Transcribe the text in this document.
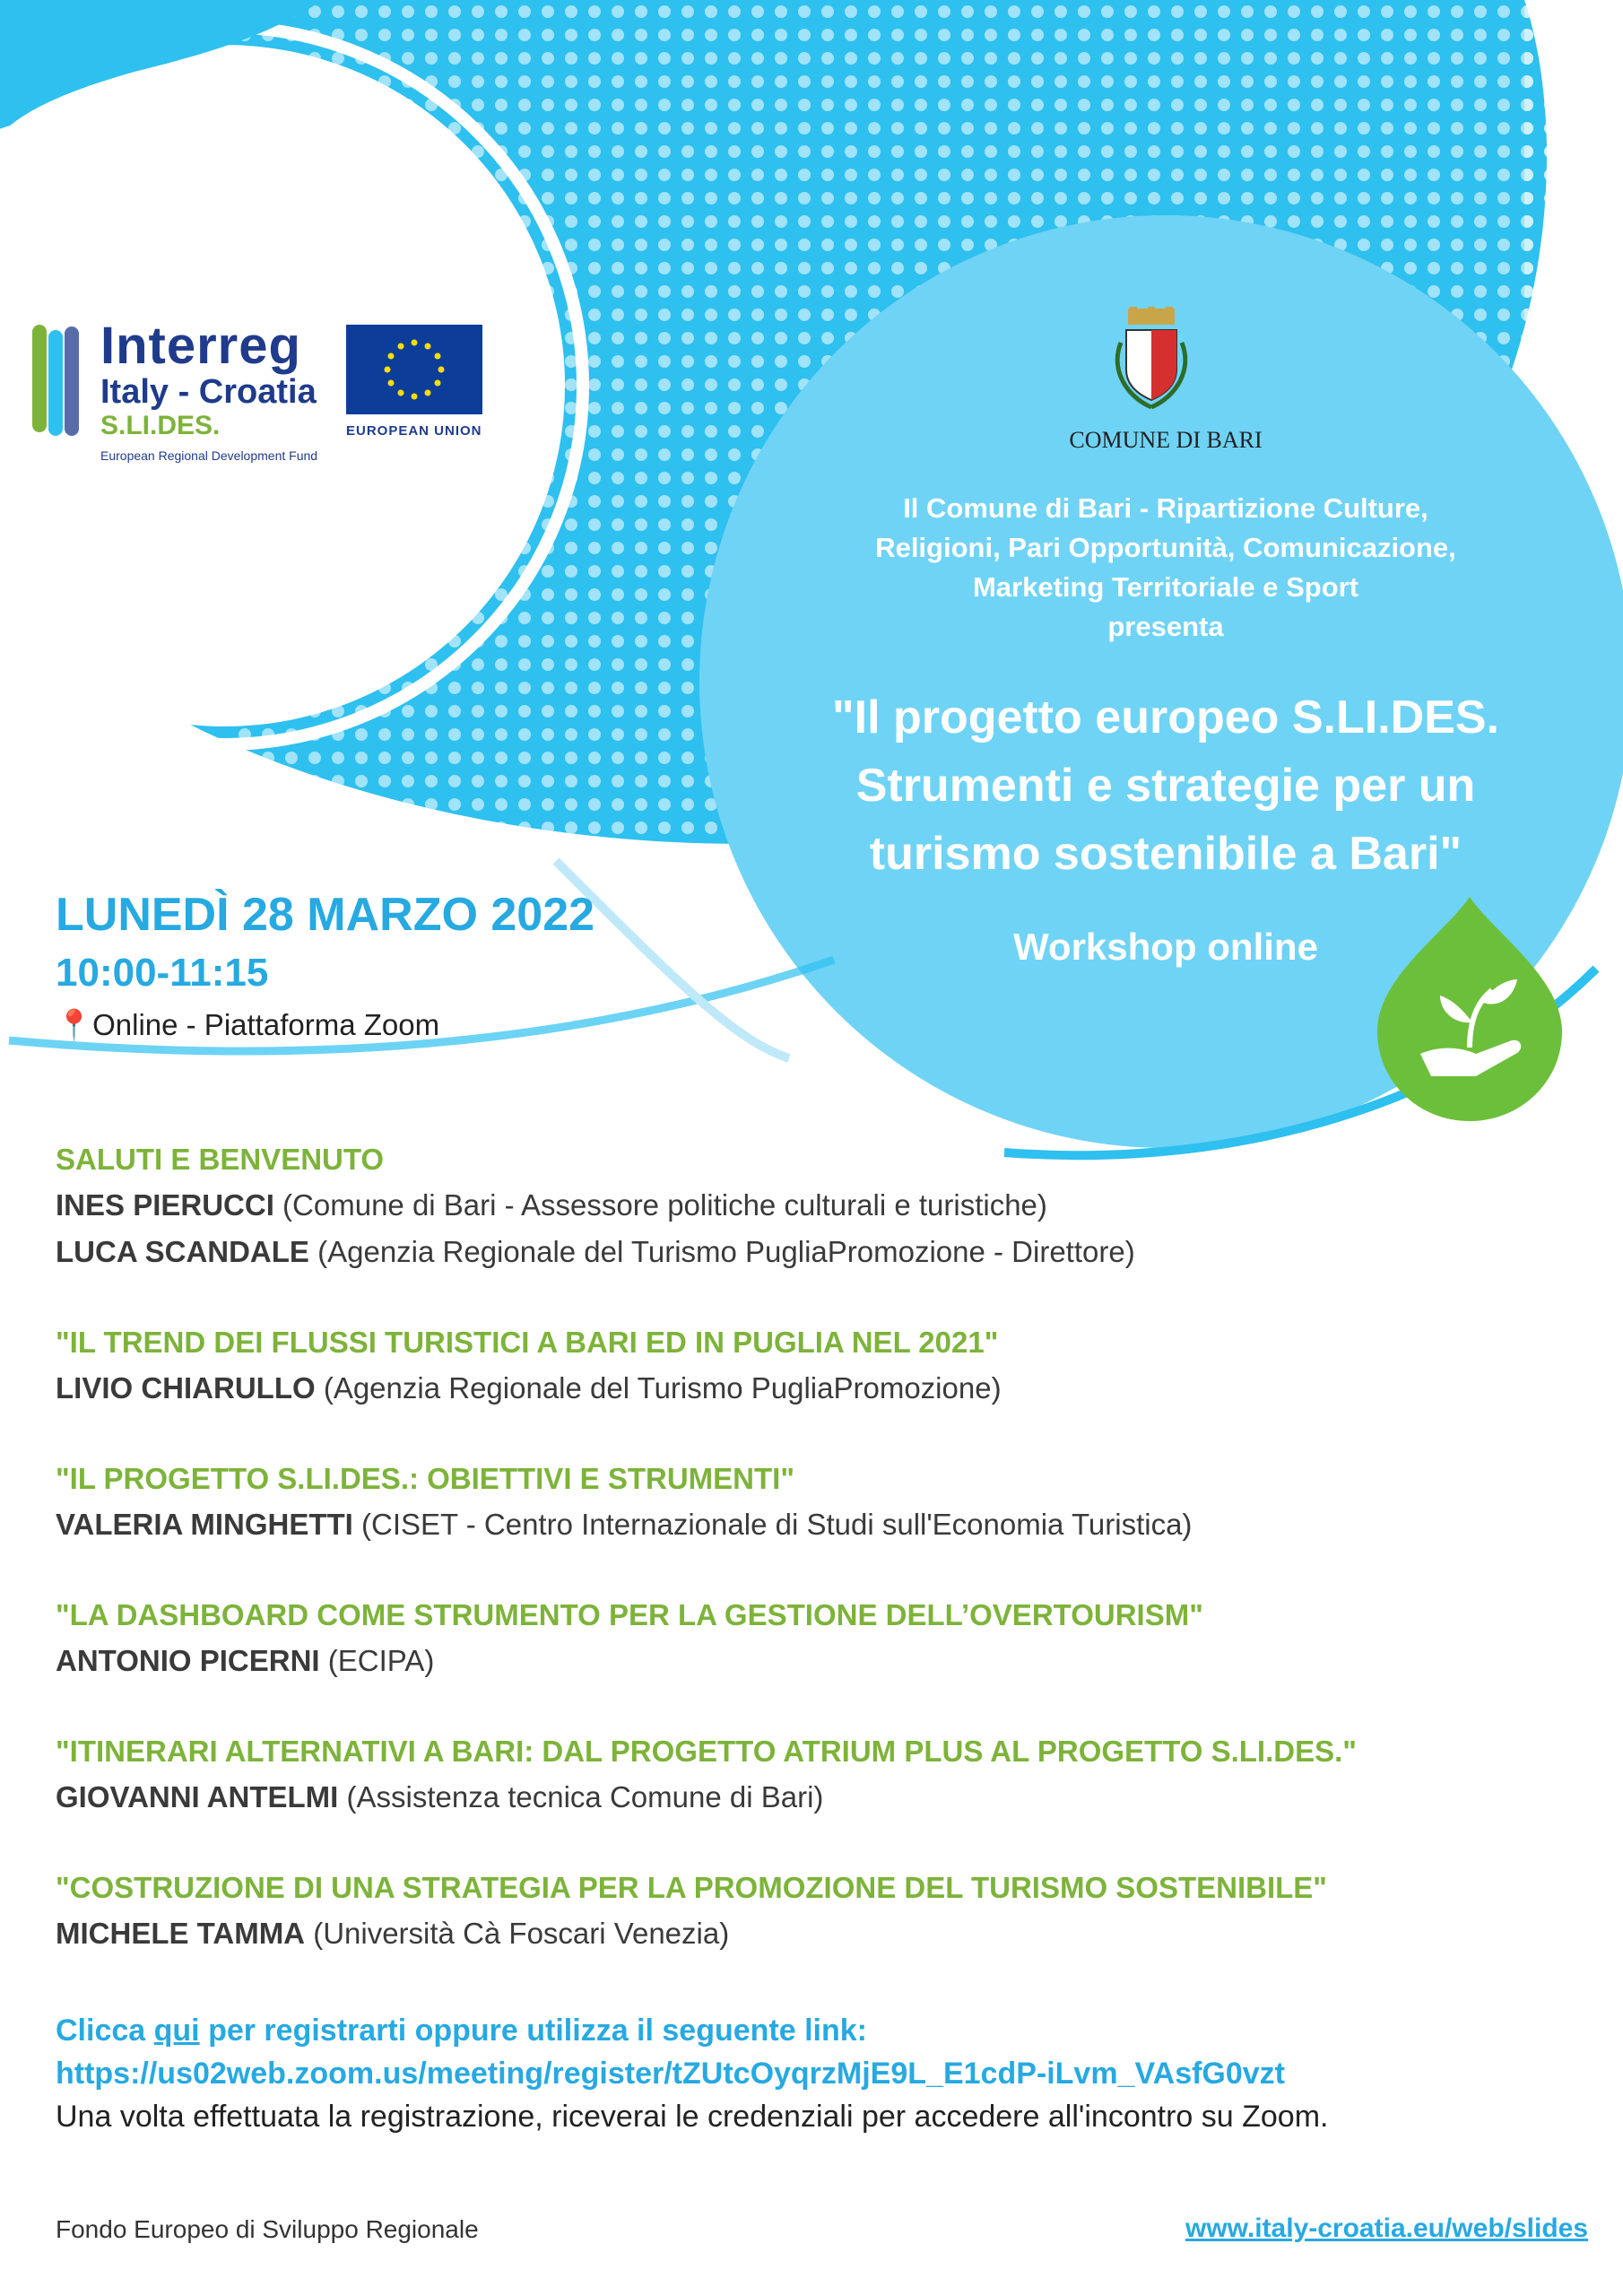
Interreg
Italy - Croatia
S.LI.DES.
European Regional Development Fund
EUROPEAN UNION	COMUNE DI BARI
Il Comune di Bari - Ripartizione Culture,
Religioni, Pari Opportunità, Comunicazione,
Marketing Territoriale e Sport
presenta
"Il progetto europeo S.LI.DES.
Strumenti e strategie per un
turismo sostenibile a Bari"
Workshop online
LUNEDÌ 28 MARZO 2022
10:00-11:15
📍Online - Piattaforma Zoom
SALUTI E BENVENUTO
INES PIERUCCI (Comune di Bari - Assessore politiche culturali e turistiche)
LUCA SCANDALE (Agenzia Regionale del Turismo PugliaPromozione - Direttore)
"IL TREND DEI FLUSSI TURISTICI A BARI ED IN PUGLIA NEL 2021"
LIVIO CHIARULLO (Agenzia Regionale del Turismo PugliaPromozione)
"IL PROGETTO S.LI.DES.: OBIETTIVI E STRUMENTI"
VALERIA MINGHETTI (CISET - Centro Internazionale di Studi sull'Economia Turistica)
"LA DASHBOARD COME STRUMENTO PER LA GESTIONE DELL’OVERTOURISM"
ANTONIO PICERNI (ECIPA)
"ITINERARI ALTERNATIVI A BARI: DAL PROGETTO ATRIUM PLUS AL PROGETTO S.LI.DES."
GIOVANNI ANTELMI (Assistenza tecnica Comune di Bari)
"COSTRUZIONE DI UNA STRATEGIA PER LA PROMOZIONE DEL TURISMO SOSTENIBILE"
MICHELE TAMMA (Università Cà Foscari Venezia)
Clicca qui per registrarti oppure utilizza il seguente link:
https://us02web.zoom.us/meeting/register/tZUtcOyqrzMjE9L_E1cdP-iLvm_VAsfG0vzt
Una volta effettuata la registrazione, riceverai le credenziali per accedere all'incontro su Zoom.
Fondo Europeo di Sviluppo Regionale	www.italy-croatia.eu/web/slides
